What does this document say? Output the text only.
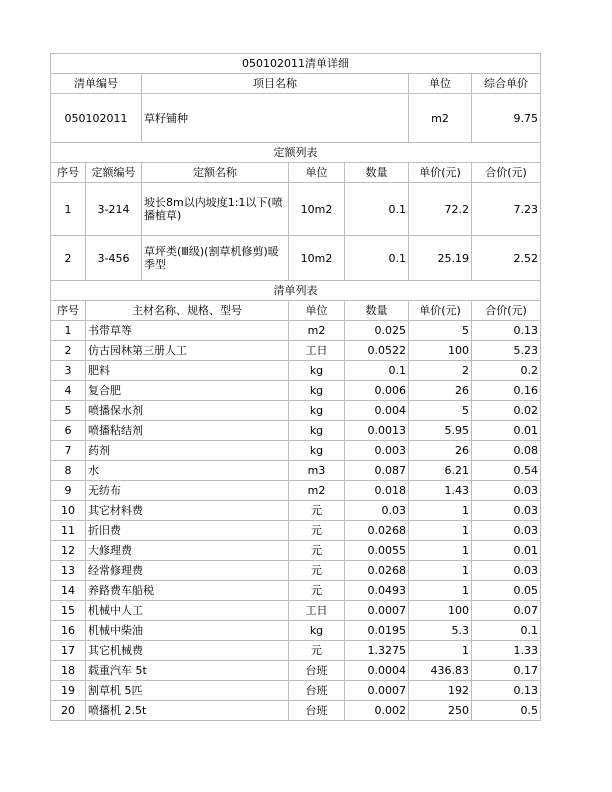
050102011清单详细						
清单编号		项目名称			单位	综合单价
050102011		草籽铺种			m2	9.75
定额列表						
序号	定额编号	定额名称	单位	数量	单价(元)	合价(元)
1	3-214	坡长8m以内坡度1:1以下(喷播植草)	10m2	0.1	72.2	7.23
2	3-456	草坪类(Ⅲ级)(割草机修剪)暖季型	10m2	0.1	25.19	2.52
清单列表						
序号	主材名称、规格、型号		单位	数量	单价(元)	合价(元)
1	书带草等		m2	0.025	5	0.13
2	仿古园林第三册人工		工日	0.0522	100	5.23
3	肥料		kg	0.1	2	0.2
4	复合肥		kg	0.006	26	0.16
5	喷播保水剂		kg	0.004	5	0.02
6	喷播粘结剂		kg	0.0013	5.95	0.01
7	药剂		kg	0.003	26	0.08
8	水		m3	0.087	6.21	0.54
9	无纺布		m2	0.018	1.43	0.03
10	其它材料费		元	0.03	1	0.03
11	折旧费		元	0.0268	1	0.03
12	大修理费		元	0.0055	1	0.01
13	经常修理费		元	0.0268	1	0.03
14	养路费车船税		元	0.0493	1	0.05
15	机械中人工		工日	0.0007	100	0.07
16	机械中柴油		kg	0.0195	5.3	0.1
17	其它机械费		元	1.3275	1	1.33
18	载重汽车 5t		台班	0.0004	436.83	0.17
19	割草机 5匹		台班	0.0007	192	0.13
20	喷播机 2.5t		台班	0.002	250	0.5
